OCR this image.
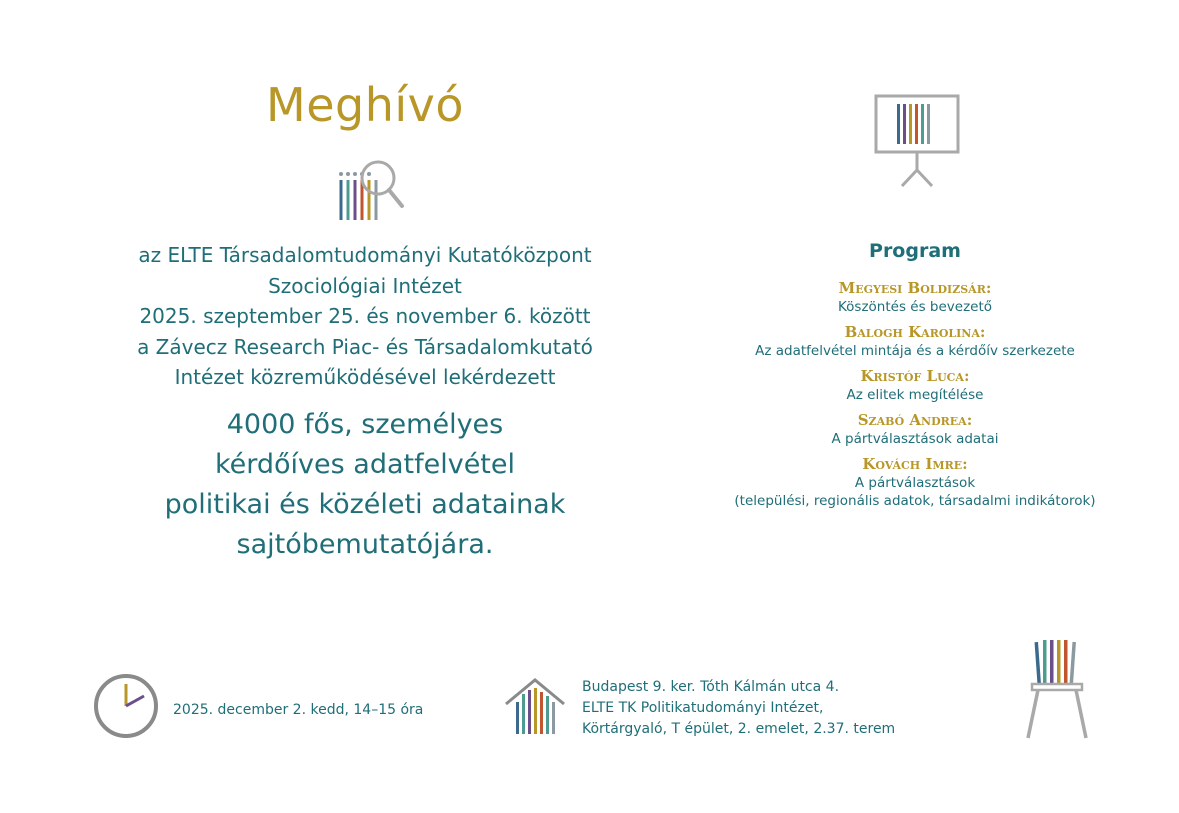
Meghívó
az ELTE Társadalomtudományi Kutatóközpont
Szociológiai Intézet
2025. szeptember 25. és november 6. között
a Závecz Research Piac- és Társadalomkutató
Intézet közreműködésével lekérdezett
4000 fős, személyes
kérdőíves adatfelvétel
politikai és közéleti adatainak
sajtóbemutatójára.
Program
Megyesi Boldizsár:
Köszöntés és bevezető
Balogh Karolina:
Az adatfelvétel mintája és a kérdőív szerkezete
Kristóf Luca:
Az elitek megítélése
Szabó Andrea:
A pártválasztások adatai
Kovách Imre:
A pártválasztások
(települési, regionális adatok, társadalmi indikátorok)
2025. december 2. kedd, 14–15 óra
Budapest 9. ker. Tóth Kálmán utca 4.
ELTE TK Politikatudományi Intézet,
Körtárgyaló, T épület, 2. emelet, 2.37. terem
